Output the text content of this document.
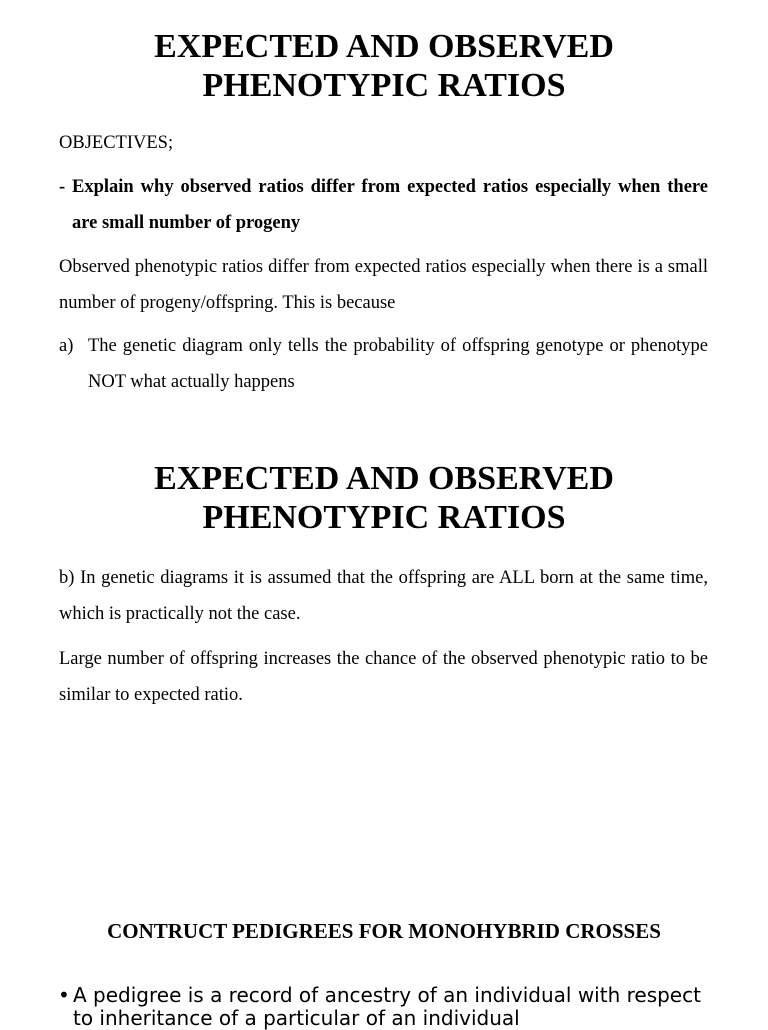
EXPECTED AND OBSERVED
PHENOTYPIC RATIOS

OBJECTIVES;

- Explain why observed ratios differ from expected ratios especially when there are small number of progeny

Observed phenotypic ratios differ from expected ratios especially when there is a small number of progeny/offspring. This is because

a) The genetic diagram only tells the probability of offspring genotype or phenotype NOT what actually happens
EXPECTED AND OBSERVED
PHENOTYPIC RATIOS

b) In genetic diagrams it is assumed that the offspring are ALL born at the same time, which is practically not the case.

Large number of offspring increases the chance of the observed phenotypic ratio to be similar to expected ratio.

CONTRUCT PEDIGREES FOR MONOHYBRID CROSSES
• A pedigree is a record of ancestry of an individual with respect to inheritance of a particular of an individual
